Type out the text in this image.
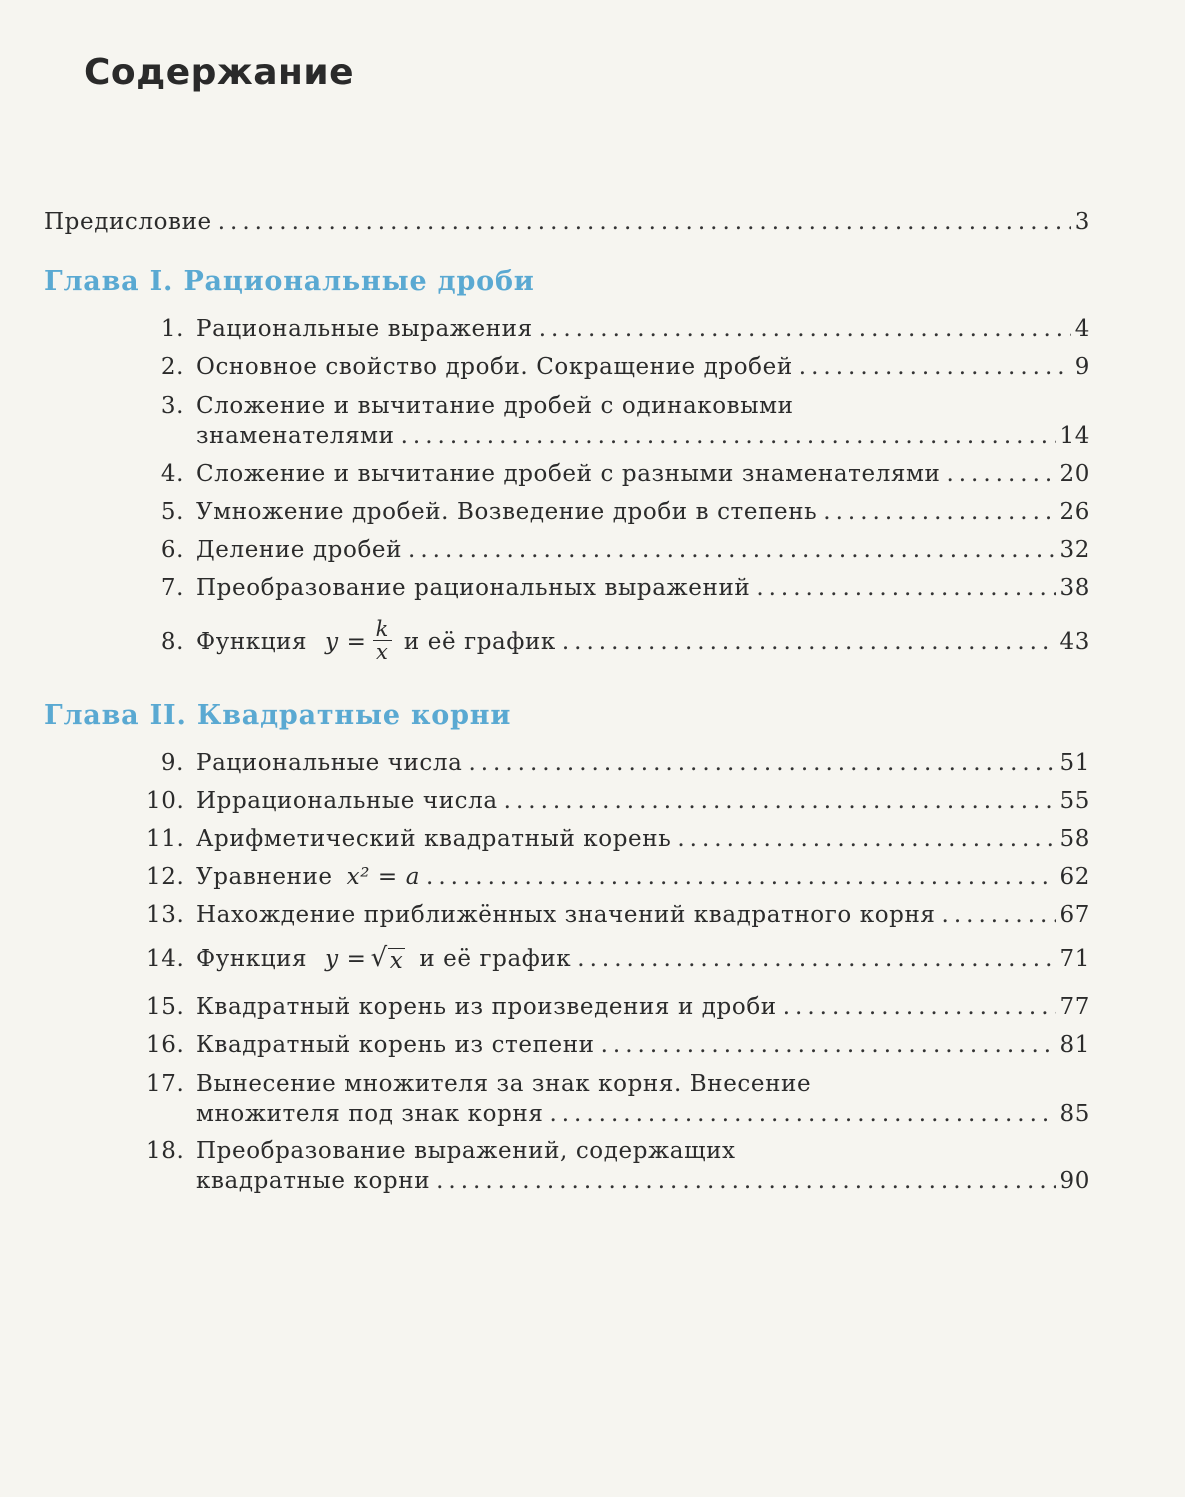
Содержание
Предисловие .....	3
Глава I. Рациональные дроби
1. Рациональные выражения .....	4
2. Основное свойство дроби. Сокращение дробей .....	9
3. Сложение и вычитание дробей с одинаковыми
знаменателями .....	14
4. Сложение и вычитание дробей с разными знаменателями .....	20
5. Умножение дробей. Возведение дроби в степень .....	26
6. Деление дробей .....	32
7. Преобразование рациональных выражений .....	38
8. Функция $y = \frac{k}{x}$ и её график .....	43
Глава II. Квадратные корни
9. Рациональные числа .....	51
10. Иррациональные числа .....	55
11. Арифметический квадратный корень .....	58
12. Уравнение x² = a .....	62
13. Нахождение приближённых значений квадратного корня .....	67
14. Функция y = √ x и её график .....	71
15. Квадратный корень из произведения и дроби .....	77
16. Квадратный корень из степени .....	81
17. Вынесение множителя за знак корня. Внесение
множителя под знак корня .....	85
18. Преобразование выражений, содержащих
квадратные корни .....	90
